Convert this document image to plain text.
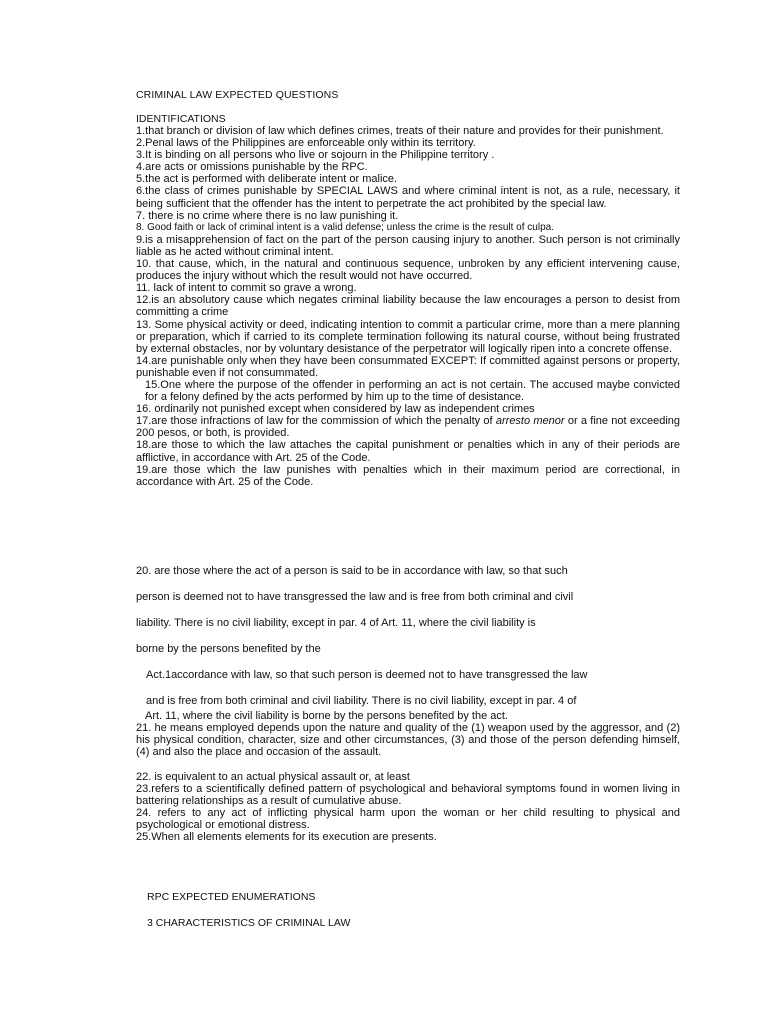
CRIMINAL LAW EXPECTED QUESTIONS
IDENTIFICATIONS
1.that branch or division of law which defines crimes, treats of their nature and provides for their punishment.
2.Penal laws of the Philippines are enforceable only within its territory.
3.It is binding on all persons who live or sojourn in the Philippine territory .
4.are acts or omissions punishable by the RPC.
5.the act is performed with deliberate intent or malice.
6.the class of crimes punishable by SPECIAL LAWS and where criminal intent is not, as a rule, necessary, it being sufficient that the offender has the intent to perpetrate the act prohibited by the special law.
7. there is no crime where there is no law punishing it.
8. Good faith or lack of criminal intent is a valid defense; unless the crime is the result of culpa.
9.is a misapprehension of fact on the part of the person causing injury to another. Such person is not criminally liable as he acted without criminal intent.
10. that cause, which, in the natural and continuous sequence, unbroken by any efficient intervening cause, produces the injury without which the result would not have occurred.
11. lack of intent to commit so grave a wrong.
12.is an absolutory cause which negates criminal liability because the law encourages a person to desist from committing a crime
13. Some physical activity or deed, indicating intention to commit a particular crime, more than a mere planning or preparation, which if carried to its complete termination following its natural course, without being frustrated by external obstacles, nor by voluntary desistance of the perpetrator will logically ripen into a concrete offense.
14.are punishable only when they have been consummated EXCEPT: If committed against persons or property, punishable even if not consummated.
15.One where the purpose of the offender in performing an act is not certain. The accused maybe convicted for a felony defined by the acts performed by him up to the time of desistance.
16. ordinarily not punished except when considered by law as independent crimes
17.are those infractions of law for the commission of which the penalty of arresto menor or a fine not exceeding 200 pesos, or both, is provided.
18.are those to which the law attaches the capital punishment or penalties which in any of their periods are afflictive, in accordance with Art. 25 of the Code.
19.are those which the law punishes with penalties which in their maximum period are correctional, in accordance with Art. 25 of the Code.
20. are those where the act of a person is said to be in accordance with law, so that such
person is deemed not to have transgressed the law and is free from both criminal and civil
liability. There is no civil liability, except in par. 4 of Art. 11, where the civil liability is
borne by the persons benefited by the
Act.1accordance with law, so that such person is deemed not to have transgressed the law
and is free from both criminal and civil liability. There is no civil liability, except in par. 4 of
Art. 11, where the civil liability is borne by the persons benefited by the act.
21. he means employed depends upon the nature and quality of the (1) weapon used by the aggressor, and (2) his physical condition, character, size and other circumstances, (3) and those of the person defending himself, (4) and also the place and occasion of the assault.
22. is equivalent to an actual physical assault or, at least
23.refers to a scientifically defined pattern of psychological and behavioral symptoms found in women living in battering relationships as a result of cumulative abuse.
24. refers to any act of inflicting physical harm upon the woman or her child resulting to physical and psychological or emotional distress.
25.When all elements elements for its execution are presents.
RPC EXPECTED ENUMERATIONS
3 CHARACTERISTICS OF CRIMINAL LAW
